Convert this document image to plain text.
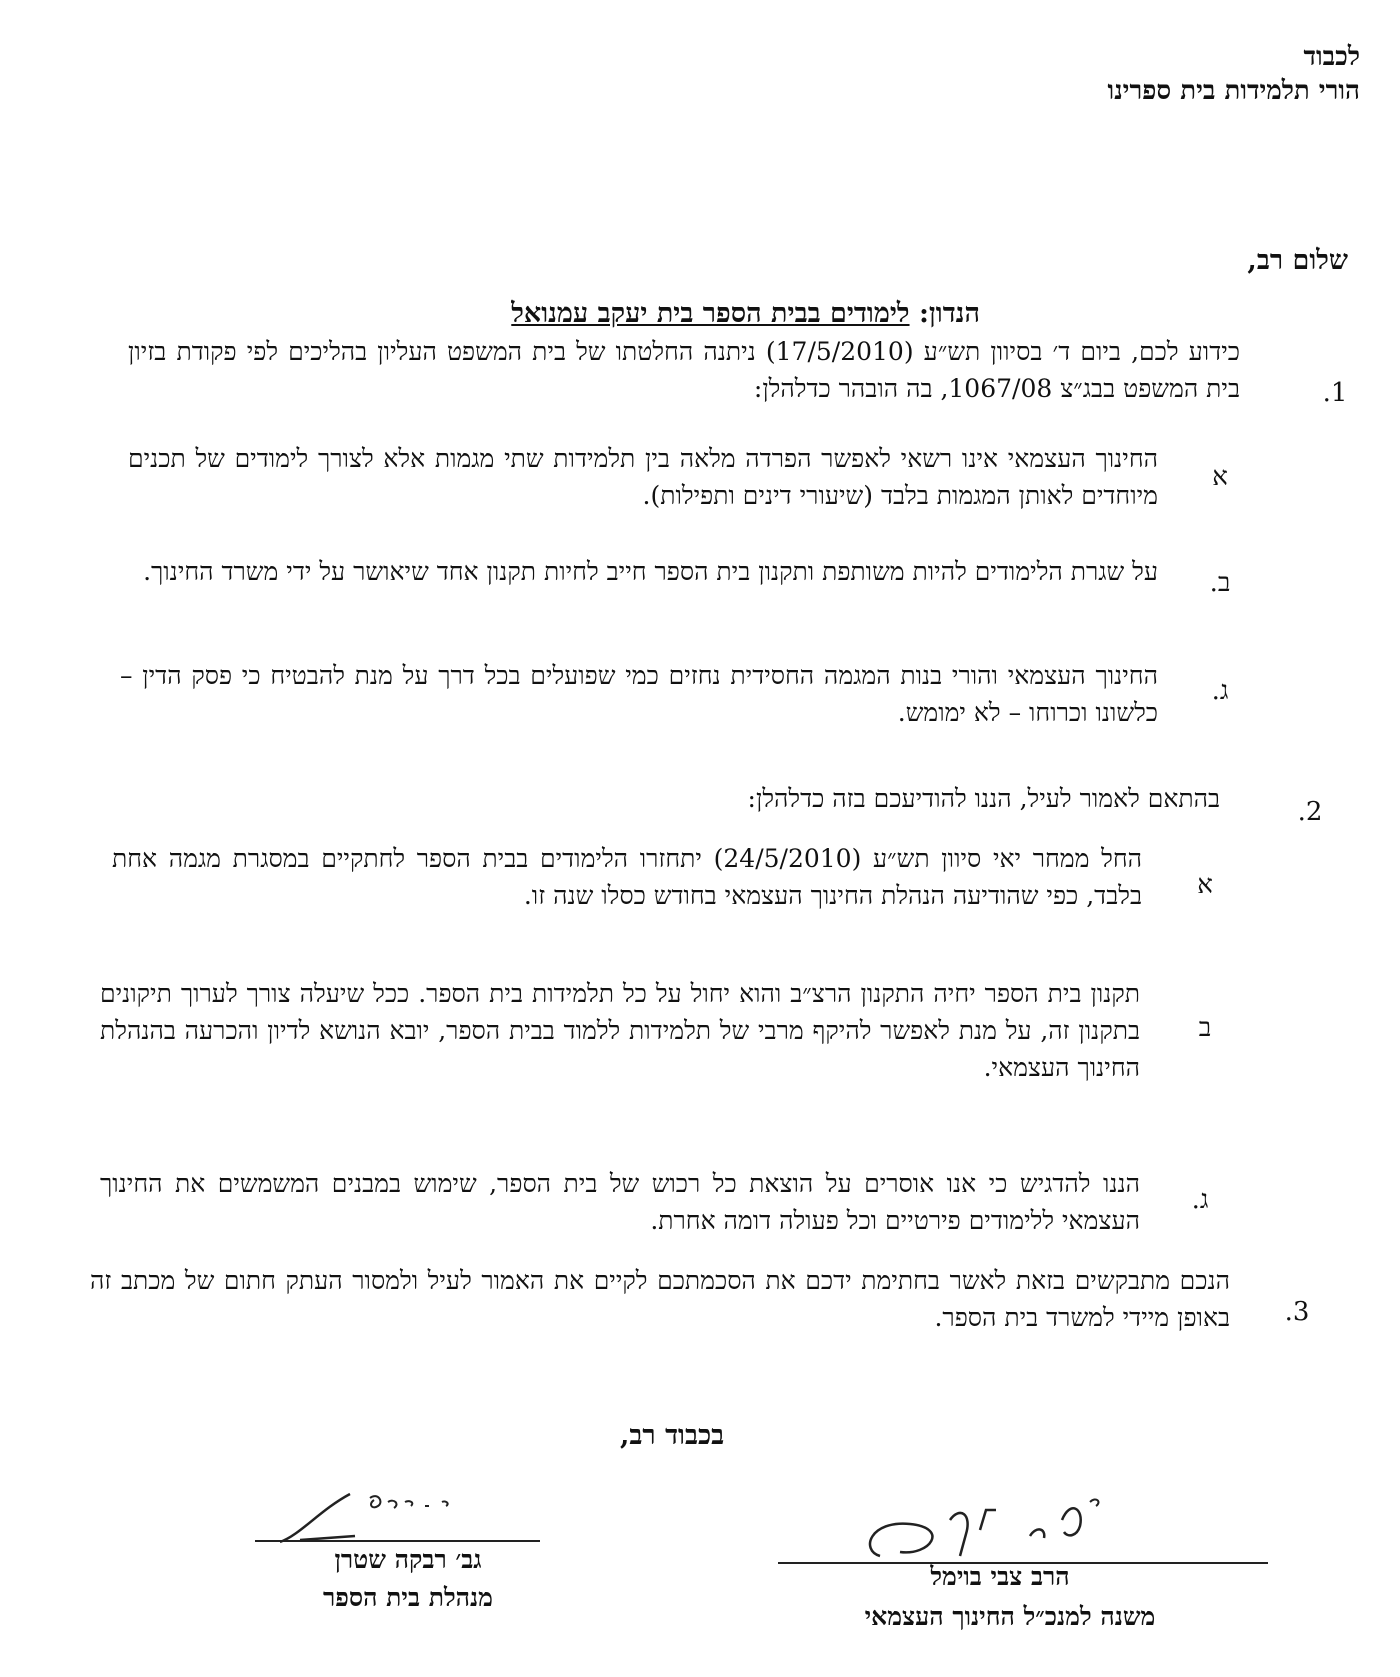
לכבוד
הורי תלמידות בית ספרינו
שלום רב,
הנדון: לימודים בבית הספר בית יעקב עמנואל
1.
כידוע לכם, ביום ד׳ בסיוון תש״ע (17/5/2010) ניתנה החלטתו של בית המשפט העליון בהליכים לפי פקודת בזיון בית המשפט בבג״צ 1067/08, בה הובהר כדלהלן:
א
החינוך העצמאי אינו רשאי לאפשר הפרדה מלאה בין תלמידות שתי מגמות אלא לצורך לימודים של תכנים מיוחדים לאותן המגמות בלבד (שיעורי דינים ותפילות).
ב.
על שגרת הלימודים להיות משותפת ותקנון בית הספר חייב לחיות תקנון אחד שיאושר על ידי משרד החינוך.
ג.
החינוך העצמאי והורי בנות המגמה החסידית נחזים כמי שפועלים בכל דרך על מנת להבטיח כי פסק הדין – כלשונו וכרוחו – לא ימומש.
2.
בהתאם לאמור לעיל, הננו להודיעכם בזה כדלהלן:
א
החל ממחר יאי סיוון תש״ע (24/5/2010) יתחזרו הלימודים בבית הספר לחתקיים במסגרת מגמה אחת בלבד, כפי שהודיעה הנהלת החינוך העצמאי בחודש כסלו שנה זו.
ב
תקנון בית הספר יחיה התקנון הרצ״ב והוא יחול על כל תלמידות בית הספר. ככל שיעלה צורך לערוך תיקונים בתקנון זה, על מנת לאפשר להיקף מרבי של תלמידות ללמוד בבית הספר, יובא הנושא לדיון והכרעה בהנהלת החינוך העצמאי.
ג.
הננו להדגיש כי אנו אוסרים על הוצאת כל רכוש של בית הספר, שימוש במבנים המשמשים את החינוך העצמאי ללימודים פירטיים וכל פעולה דומה אחרת.
3.
הנכם מתבקשים בזאת לאשר בחתימת ידכם את הסכמתכם לקיים את האמור לעיל ולמסור העתק חתום של מכתב זה באופן מיידי למשרד בית הספר.
בכבוד רב,
גב׳ רבקה שטרן
מנהלת בית הספר
הרב צבי בוימל
משנה למנכ״ל החינוך העצמאי
